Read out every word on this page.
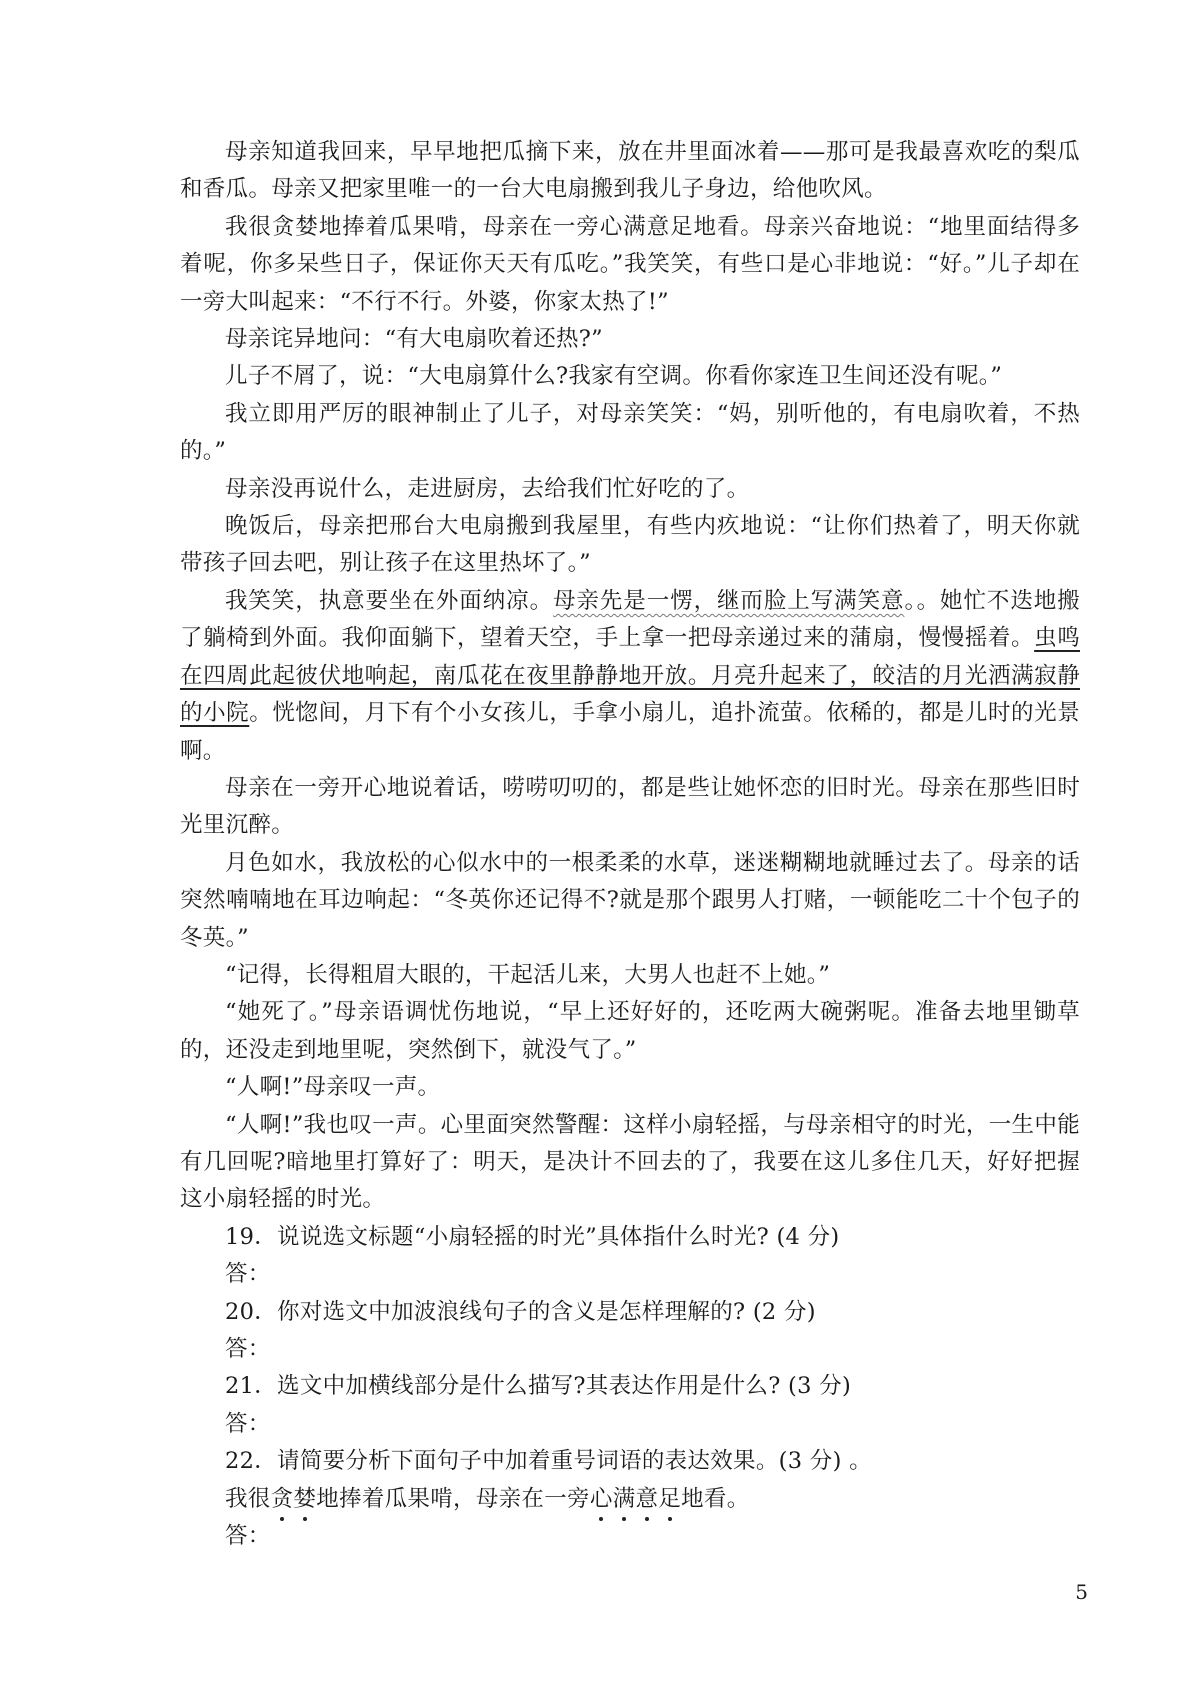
母亲知道我回来，早早地把瓜摘下来，放在井里面冰着——那可是我最喜欢吃的梨瓜和香瓜。母亲又把家里唯一的一台大电扇搬到我儿子身边，给他吹风。

我很贪婪地捧着瓜果啃，母亲在一旁心满意足地看。母亲兴奋地说：“地里面结得多着呢，你多呆些日子，保证你天天有瓜吃。”我笑笑，有些口是心非地说：“好。”儿子却在一旁大叫起来：“不行不行。外婆，你家太热了!”

母亲诧异地问：“有大电扇吹着还热?”

儿子不屑了，说：“大电扇算什么?我家有空调。你看你家连卫生间还没有呢。”

我立即用严厉的眼神制止了儿子，对母亲笑笑：“妈，别听他的，有电扇吹着，不热的。”

母亲没再说什么，走进厨房，去给我们忙好吃的了。

晚饭后，母亲把邢台大电扇搬到我屋里，有些内疚地说：“让你们热着了，明天你就带孩子回去吧，别让孩子在这里热坏了。”

我笑笑，执意要坐在外面纳凉。母亲先是一愣，继而脸上写满笑意。。她忙不迭地搬了躺椅到外面。我仰面躺下，望着天空，手上拿一把母亲递过来的蒲扇，慢慢摇着。虫鸣在四周此起彼伏地响起，南瓜花在夜里静静地开放。月亮升起来了，皎洁的月光洒满寂静的小院。恍惚间，月下有个小女孩儿，手拿小扇儿，追扑流萤。依稀的，都是儿时的光景啊。

母亲在一旁开心地说着话，唠唠叨叨的，都是些让她怀恋的旧时光。母亲在那些旧时光里沉醉。

月色如水，我放松的心似水中的一根柔柔的水草，迷迷糊糊地就睡过去了。母亲的话突然喃喃地在耳边响起：“冬英你还记得不?就是那个跟男人打赌，一顿能吃二十个包子的冬英。”

“记得，长得粗眉大眼的，干起活儿来，大男人也赶不上她。”

“她死了。”母亲语调忧伤地说，“早上还好好的，还吃两大碗粥呢。准备去地里锄草的，还没走到地里呢，突然倒下，就没气了。”

“人啊!”母亲叹一声。

“人啊!”我也叹一声。心里面突然警醒：这样小扇轻摇，与母亲相守的时光，一生中能有几回呢?暗地里打算好了：明天，是决计不回去的了，我要在这儿多住几天，好好把握这小扇轻摇的时光。

19．说说选文标题“小扇轻摇的时光”具体指什么时光? (4 分)

答：

20．你对选文中加波浪线句子的含义是怎样理解的? (2 分)

答：

21．选文中加横线部分是什么描写?其表达作用是什么? (3 分)

答：

22．请简要分析下面句子中加着重号词语的表达效果。(3 分) 。

我很贪婪地捧着瓜果啃，母亲在一旁心满意足地看。

答：

5
